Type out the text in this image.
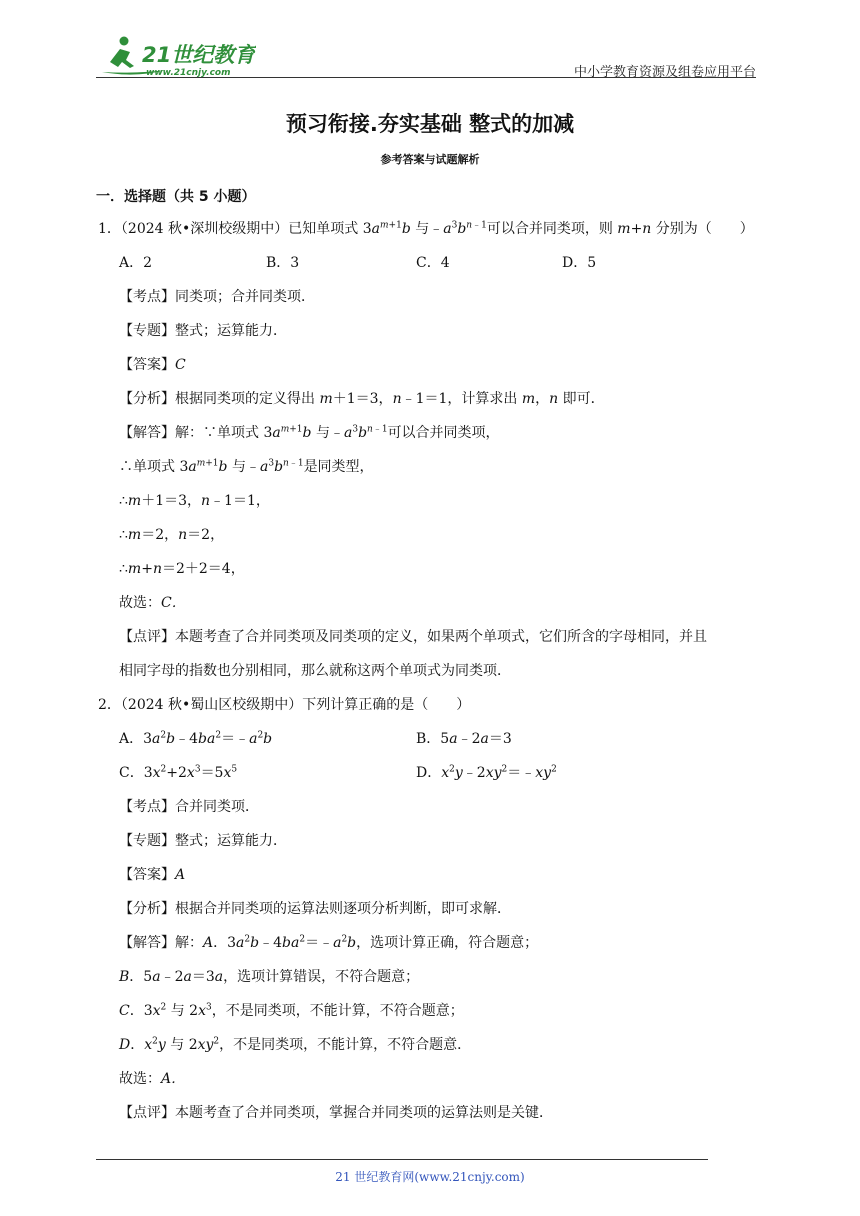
21世纪教育
www.21cnjy.com	中小学教育资源及组卷应用平台
预习衔接.夯实基础 整式的加减
参考答案与试题解析
一．选择题（共 5 小题）
1．（2024 秋•深圳校级期中）已知单项式 $3a^{m+1}b$ 与$﹣a^3b^{n﹣1}$可以合并同类项，则 m+n 分别为（　　）
A．2	B．3	C．4	D．5
【考点】同类项；合并同类项．
【专题】整式；运算能力．
【答案】C
【分析】根据同类项的定义得出 m＋1＝3，n﹣1＝1，计算求出 m，n 即可．
【解答】解：∵单项式 $3a^{m+1}b$ 与$﹣a^3b^{n﹣1}$可以合并同类项，
∴单项式 $3a^{m+1}b$ 与$﹣a^3b^{n﹣1}$是同类型，
∴m＋1＝3，n﹣1＝1，
∴m＝2，n＝2，
∴m+n＝2＋2＝4，
故选：C．
【点评】本题考查了合并同类项及同类项的定义，如果两个单项式，它们所含的字母相同，并且
相同字母的指数也分别相同，那么就称这两个单项式为同类项．
2．（2024 秋•蜀山区校级期中）下列计算正确的是（　　）
A．$3a^2b﹣4ba^2=﹣a^2b$	B．5a﹣2a＝3
C．$3x^2+2x^3=5x^5$	D．$x^2y﹣2xy^2=﹣xy^2$
【考点】合并同类项．
【专题】整式；运算能力．
【答案】A
【分析】根据合并同类项的运算法则逐项分析判断，即可求解．
【解答】解：A．$3a^2b﹣4ba^2=﹣a^2b$，选项计算正确，符合题意；
B．5a﹣2a＝3a，选项计算错误，不符合题意；
C．$3x^2$ 与 $2x^3$，不是同类项，不能计算，不符合题意；
D．$x^2y$ 与 $2xy^2$，不是同类项，不能计算，不符合题意．
故选：A．
【点评】本题考查了合并同类项，掌握合并同类项的运算法则是关键．
21 世纪教育网(www.21cnjy.com)
